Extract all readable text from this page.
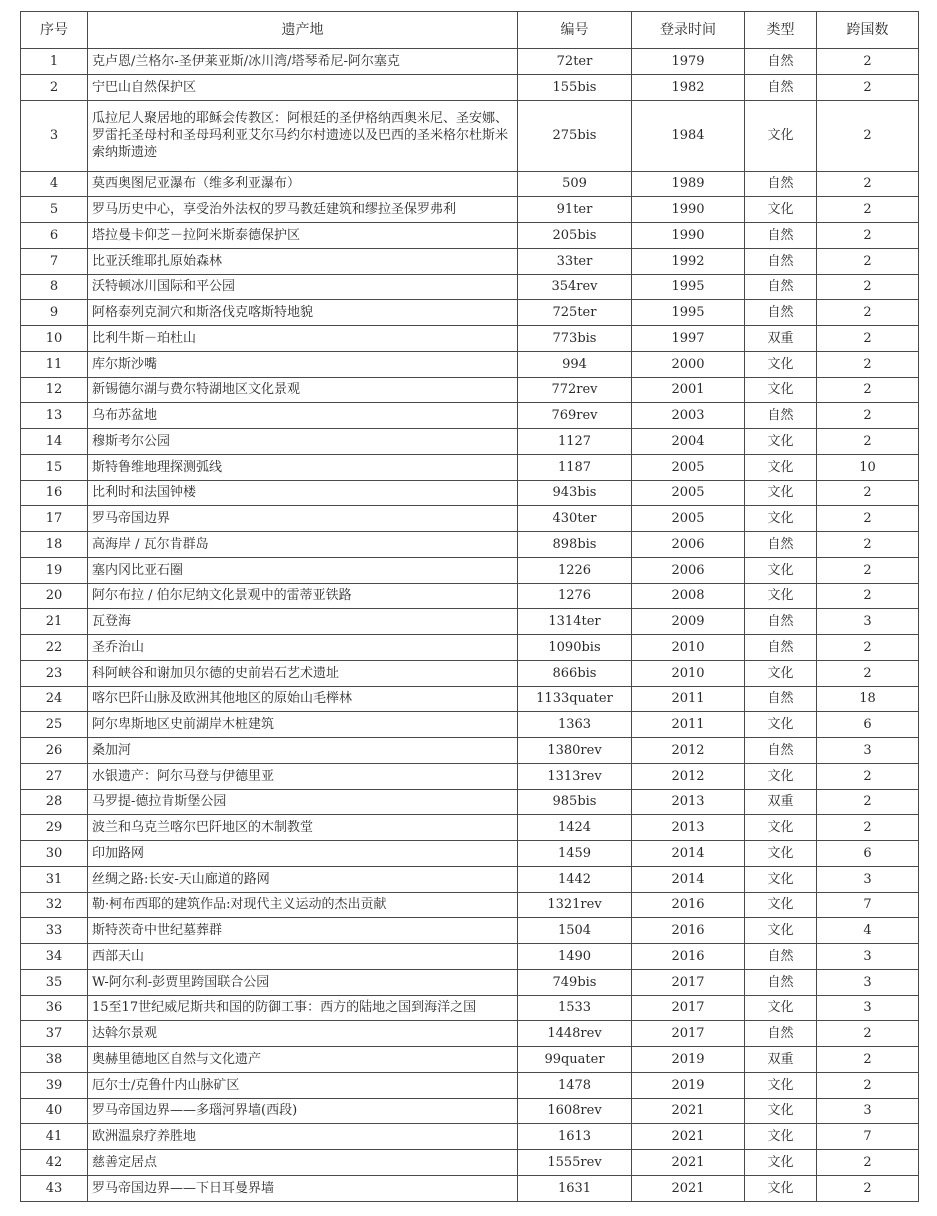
序号	遗产地	编号	登录时间	类型	跨国数
1	克卢恩/兰格尔-圣伊莱亚斯/冰川湾/塔琴希尼-阿尔塞克	72ter	1979	自然	2
2	宁巴山自然保护区	155bis	1982	自然	2
3	瓜拉尼人聚居地的耶稣会传教区：阿根廷的圣伊格纳西奥米尼、圣安娜、罗雷托圣母村和圣母玛利亚艾尔马约尔村遗迹以及巴西的圣米格尔杜斯米索纳斯遗迹	275bis	1984	文化	2
4	莫西奥图尼亚瀑布（维多利亚瀑布）	509	1989	自然	2
5	罗马历史中心，享受治外法权的罗马教廷建筑和缪拉圣保罗弗利	91ter	1990	文化	2
6	塔拉曼卡仰芝－拉阿米斯泰德保护区	205bis	1990	自然	2
7	比亚沃维耶扎原始森林	33ter	1992	自然	2
8	沃特顿冰川国际和平公园	354rev	1995	自然	2
9	阿格泰列克洞穴和斯洛伐克喀斯特地貌	725ter	1995	自然	2
10	比利牛斯－珀杜山	773bis	1997	双重	2
11	库尔斯沙嘴	994	2000	文化	2
12	新锡德尔湖与费尔特湖地区文化景观	772rev	2001	文化	2
13	乌布苏盆地	769rev	2003	自然	2
14	穆斯考尔公园	1127	2004	文化	2
15	斯特鲁维地理探测弧线	1187	2005	文化	10
16	比利时和法国钟楼	943bis	2005	文化	2
17	罗马帝国边界	430ter	2005	文化	2
18	高海岸 / 瓦尔肯群岛	898bis	2006	自然	2
19	塞内冈比亚石圈	1226	2006	文化	2
20	阿尔布拉 / 伯尔尼纳文化景观中的雷蒂亚铁路	1276	2008	文化	2
21	瓦登海	1314ter	2009	自然	3
22	圣乔治山	1090bis	2010	自然	2
23	科阿峡谷和谢加贝尔德的史前岩石艺术遗址	866bis	2010	文化	2
24	喀尔巴阡山脉及欧洲其他地区的原始山毛榉林	1133quater	2011	自然	18
25	阿尔卑斯地区史前湖岸木桩建筑	1363	2011	文化	6
26	桑加河	1380rev	2012	自然	3
27	水银遗产：阿尔马登与伊德里亚	1313rev	2012	文化	2
28	马罗提-德拉肯斯堡公园	985bis	2013	双重	2
29	波兰和乌克兰喀尔巴阡地区的木制教堂	1424	2013	文化	2
30	印加路网	1459	2014	文化	6
31	丝绸之路:长安-天山廊道的路网	1442	2014	文化	3
32	勒·柯布西耶的建筑作品:对现代主义运动的杰出贡献	1321rev	2016	文化	7
33	斯特茨奇中世纪墓葬群	1504	2016	文化	4
34	西部天山	1490	2016	自然	3
35	W-阿尔利-彭贾里跨国联合公园	749bis	2017	自然	3
36	15至17世纪威尼斯共和国的防御工事：西方的陆地之国到海洋之国	1533	2017	文化	3
37	达斡尔景观	1448rev	2017	自然	2
38	奥赫里德地区自然与文化遗产	99quater	2019	双重	2
39	厄尔士/克鲁什内山脉矿区	1478	2019	文化	2
40	罗马帝国边界——多瑙河界墙(西段)	1608rev	2021	文化	3
41	欧洲温泉疗养胜地	1613	2021	文化	7
42	慈善定居点	1555rev	2021	文化	2
43	罗马帝国边界——下日耳曼界墙	1631	2021	文化	2
